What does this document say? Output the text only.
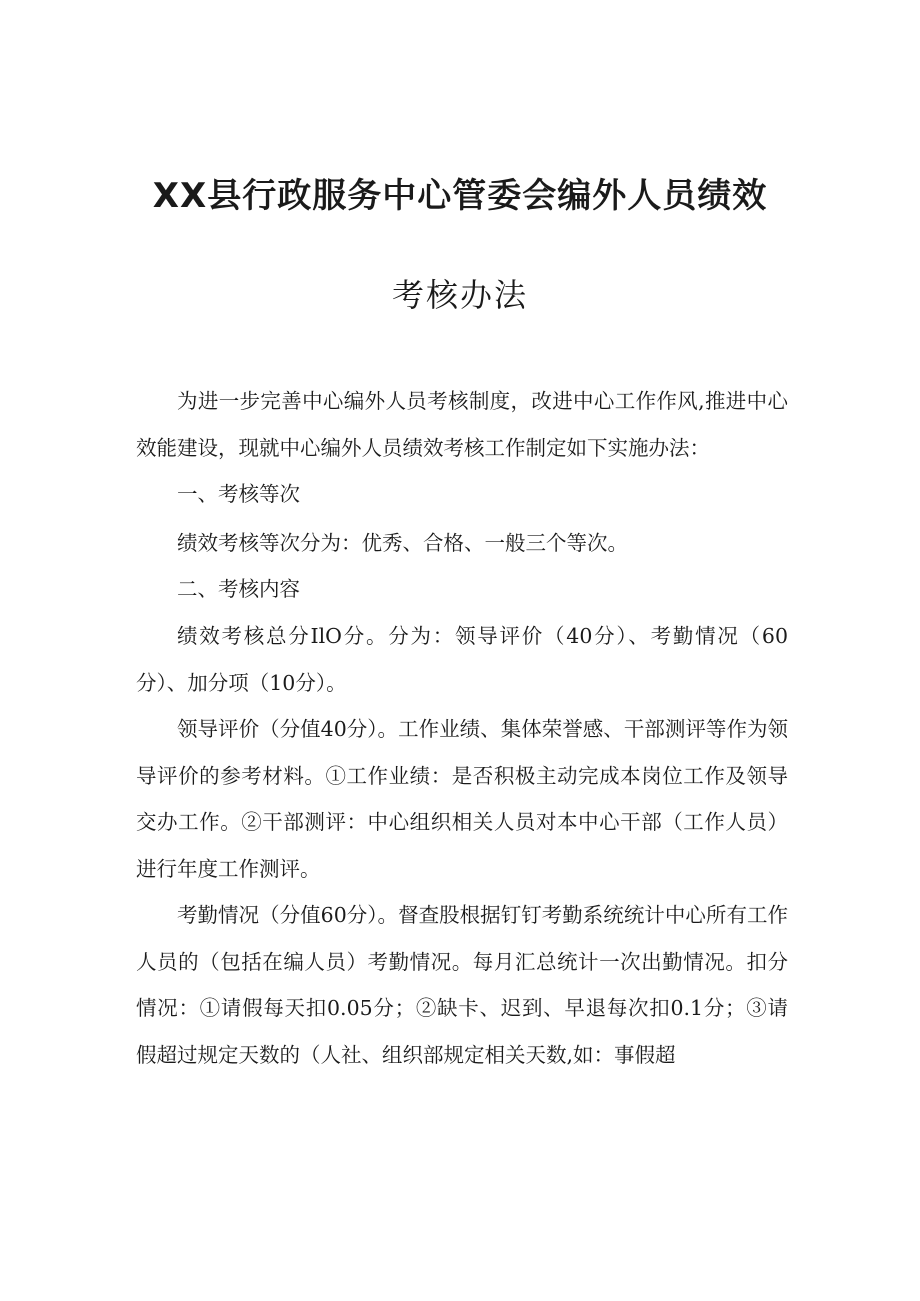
XX县行政服务中心管委会编外人员绩效
考核办法

为进一步完善中心编外人员考核制度，改进中心工作作风,推进中心效能建设，现就中心编外人员绩效考核工作制定如下实施办法：

一、考核等次

绩效考核等次分为：优秀、合格、一般三个等次。

二、考核内容

绩效考核总分IlO分。分为：领导评价（40分）、考勤情况（60分）、加分项（10分）。

领导评价（分值40分）。工作业绩、集体荣誉感、干部测评等作为领导评价的参考材料。①工作业绩：是否积极主动完成本岗位工作及领导交办工作。②干部测评：中心组织相关人员对本中心干部（工作人员）进行年度工作测评。

考勤情况（分值60分）。督查股根据钉钉考勤系统统计中心所有工作人员的（包括在编人员）考勤情况。每月汇总统计一次出勤情况。扣分情况：①请假每天扣0.05分；②缺卡、迟到、早退每次扣0.1分；③请假超过规定天数的（人社、组织部规定相关天数,如：事假超
